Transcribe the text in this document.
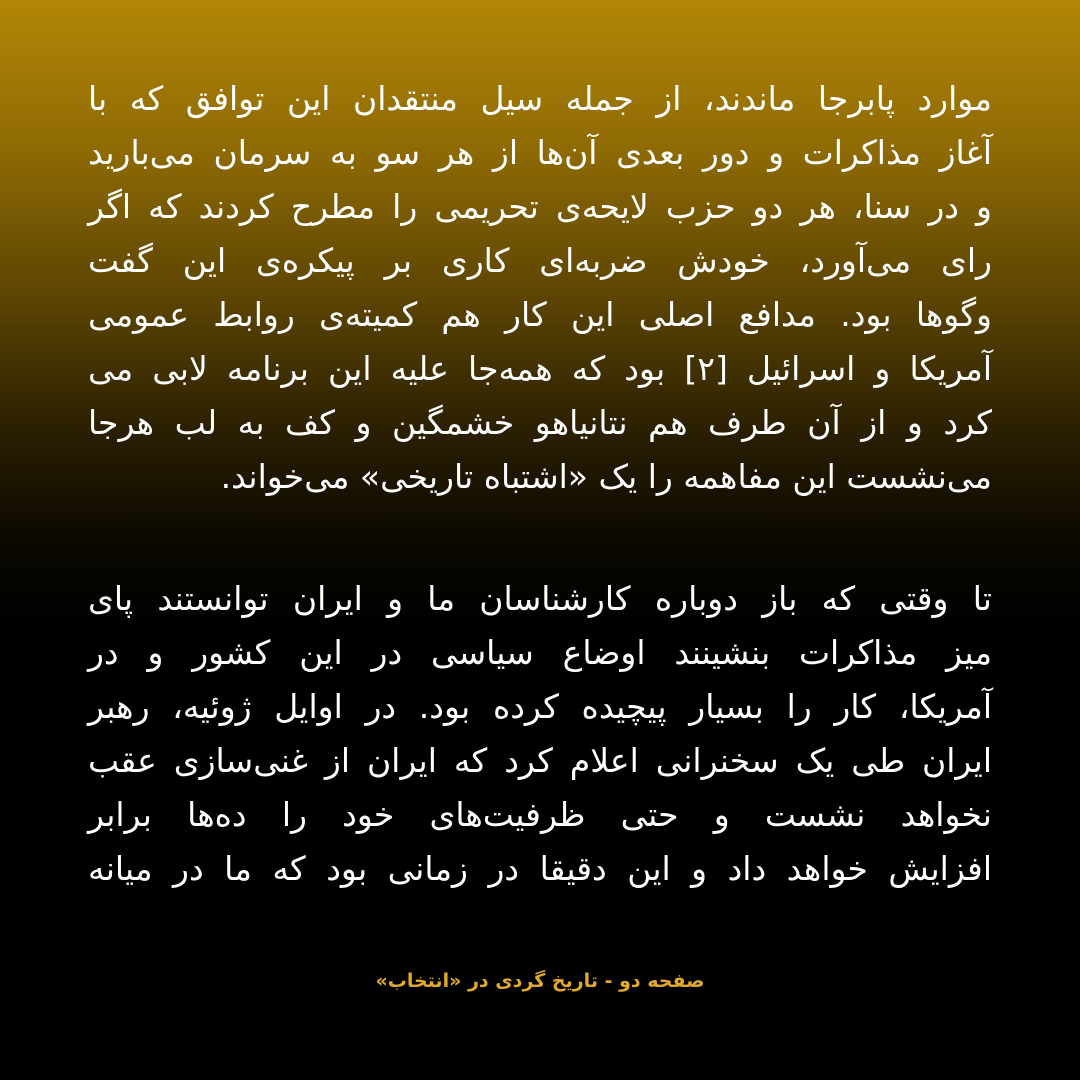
موارد پابرجا ماندند، از جمله سیل منتقدان این توافق که با
آغاز مذاکرات و دور بعدی آن‌ها از هر سو به سرمان می‌بارید
و در سنا، هر دو حزب لایحه‌ی تحریمی را مطرح کردند که اگر
رای می‌آورد، خودش ضربه‌ای کاری بر پیکره‌ی این گفت
وگوها بود. مدافع اصلی این کار هم کمیته‌ی روابط عمومی
آمریکا و اسرائیل [۲] بود که همه‌جا علیه این برنامه لابی می
کرد و از آن طرف هم نتانیاهو خشمگین و کف به لب هرجا
می‌نشست این مفاهمه را یک «اشتباه تاریخی» می‌خواند.
تا وقتی که باز دوباره کارشناسان ما و ایران توانستند پای
میز مذاکرات بنشینند اوضاع سیاسی در این کشور و در
آمریکا، کار را بسیار پیچیده کرده بود. در اوایل ژوئیه، رهبر
ایران طی یک سخنرانی اعلام کرد که ایران از غنی‌سازی عقب
نخواهد نشست و حتی ظرفیت‌های خود را ده‌ها برابر
افزایش خواهد داد و این دقیقا در زمانی بود که ما در میانه
صفحه دو - تاریخ گردی در «انتخاب»
